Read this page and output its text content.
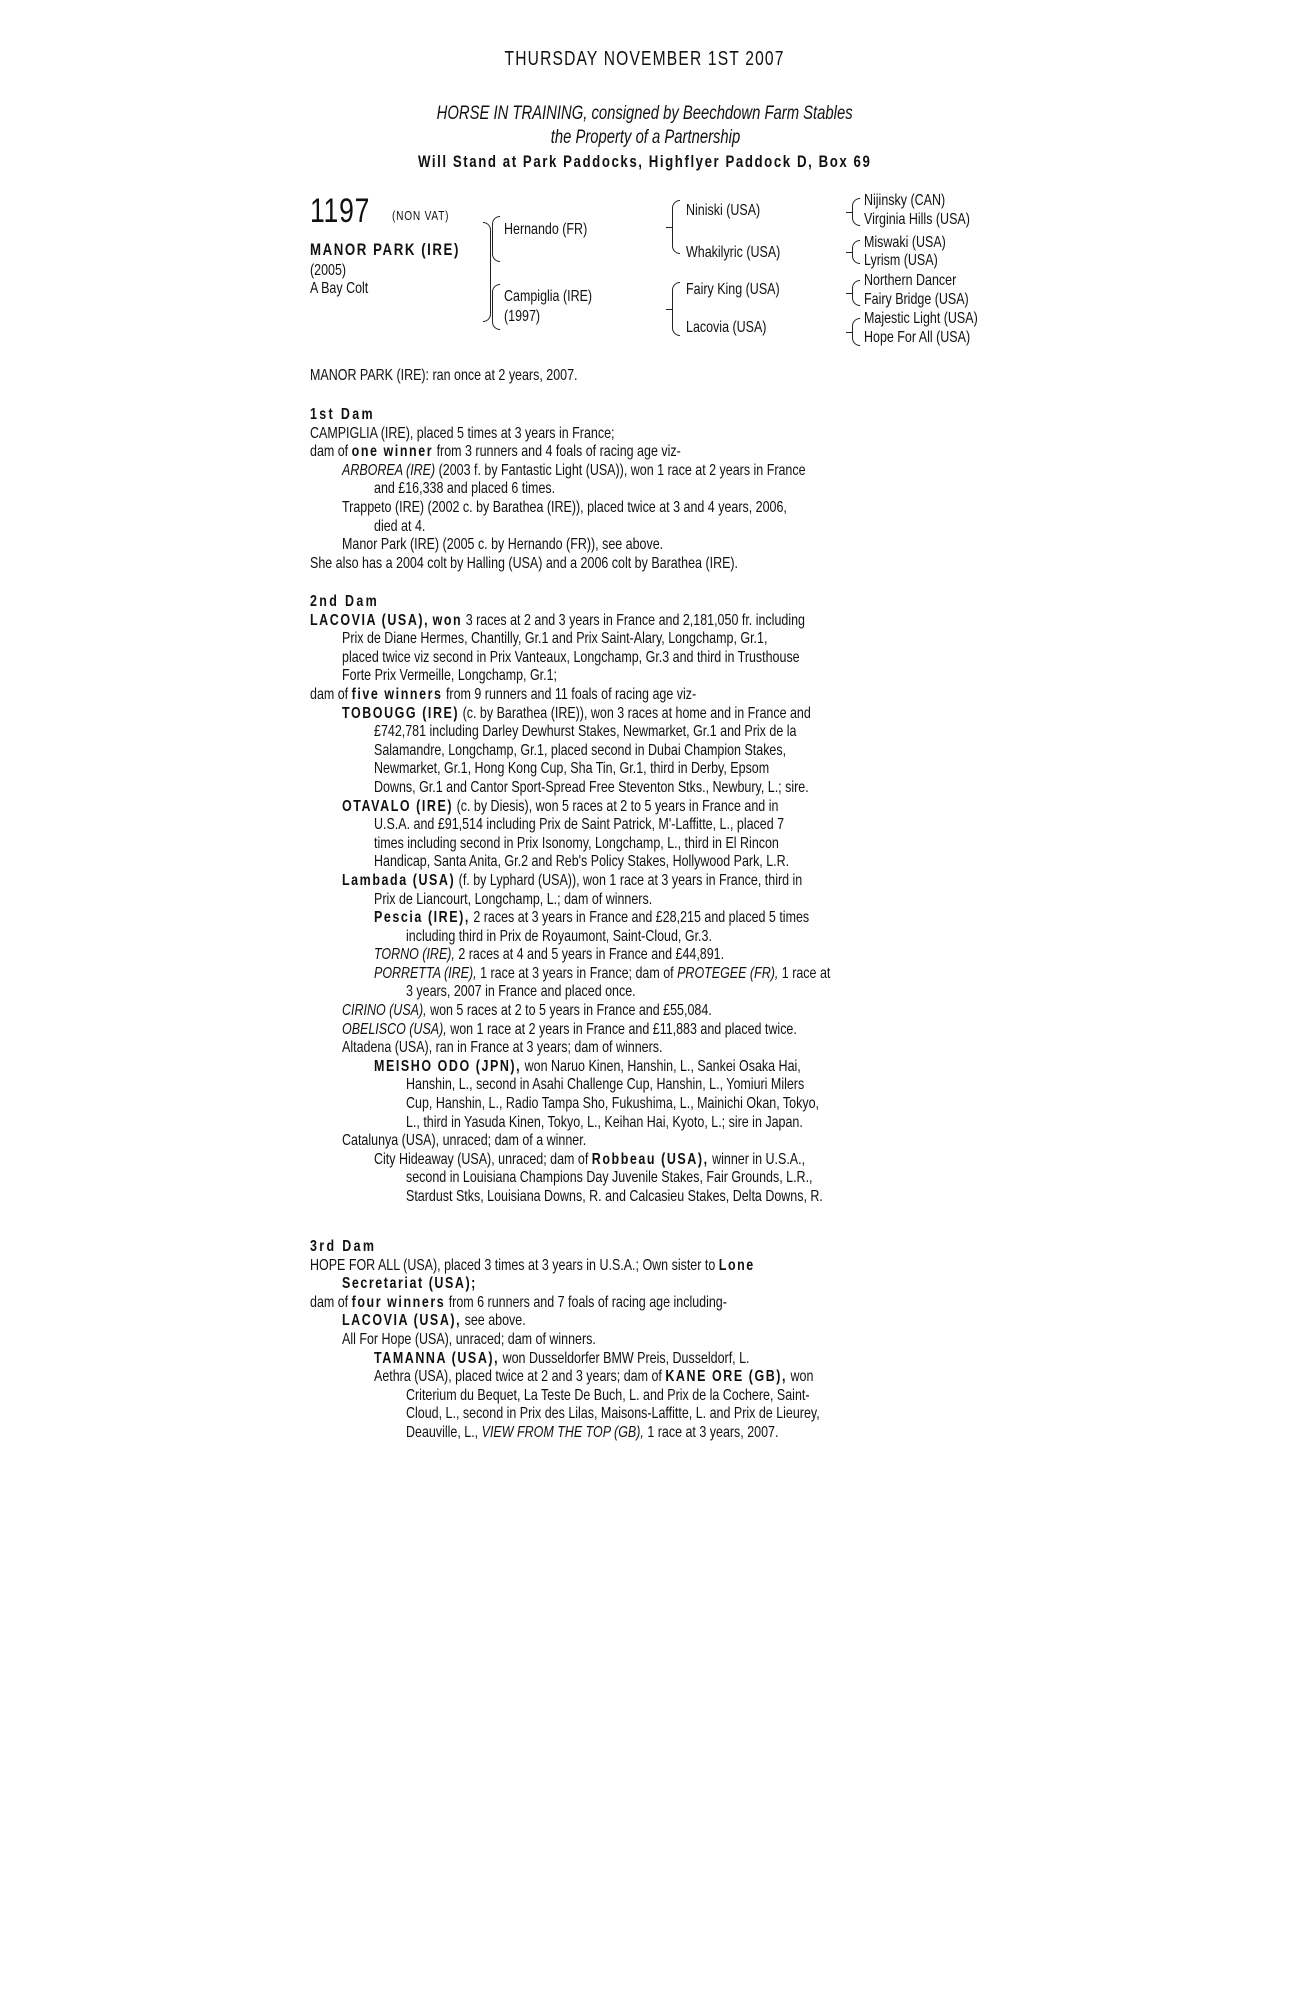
THURSDAY NOVEMBER 1ST 2007
HORSE IN TRAINING, consigned by Beechdown Farm Stables
the Property of a Partnership
Will Stand at Park Paddocks, Highflyer Paddock D, Box 69
1197 (NON VAT)
MANOR PARK (IRE)
(2005)
A Bay Colt
Hernando (FR)
Campiglia (IRE)
(1997)
Niniski (USA)
Whakilyric (USA)
Fairy King (USA)
Lacovia (USA)
Nijinsky (CAN)
Virginia Hills (USA)
Miswaki (USA)
Lyrism (USA)
Northern Dancer
Fairy Bridge (USA)
Majestic Light (USA)
Hope For All (USA)

MANOR PARK (IRE): ran once at 2 years, 2007.

1st Dam

CAMPIGLIA (IRE), placed 5 times at 3 years in France;

dam of one winner from 3 runners and 4 foals of racing age viz-

ARBOREA (IRE) (2003 f. by Fantastic Light (USA)), won 1 race at 2 years in France

and £16,338 and placed 6 times.

Trappeto (IRE) (2002 c. by Barathea (IRE)), placed twice at 3 and 4 years, 2006,

died at 4.

Manor Park (IRE) (2005 c. by Hernando (FR)), see above.

She also has a 2004 colt by Halling (USA) and a 2006 colt by Barathea (IRE).

2nd Dam

LACOVIA (USA), won 3 races at 2 and 3 years in France and 2,181,050 fr. including

Prix de Diane Hermes, Chantilly, Gr.1 and Prix Saint-Alary, Longchamp, Gr.1,

placed twice viz second in Prix Vanteaux, Longchamp, Gr.3 and third in Trusthouse

Forte Prix Vermeille, Longchamp, Gr.1;

dam of five winners from 9 runners and 11 foals of racing age viz-

TOBOUGG (IRE) (c. by Barathea (IRE)), won 3 races at home and in France and

£742,781 including Darley Dewhurst Stakes, Newmarket, Gr.1 and Prix de la

Salamandre, Longchamp, Gr.1, placed second in Dubai Champion Stakes,

Newmarket, Gr.1, Hong Kong Cup, Sha Tin, Gr.1, third in Derby, Epsom

Downs, Gr.1 and Cantor Sport-Spread Free Steventon Stks., Newbury, L.; sire.

OTAVALO (IRE) (c. by Diesis), won 5 races at 2 to 5 years in France and in

U.S.A. and £91,514 including Prix de Saint Patrick, M'-Laffitte, L., placed 7

times including second in Prix Isonomy, Longchamp, L., third in El Rincon

Handicap, Santa Anita, Gr.2 and Reb's Policy Stakes, Hollywood Park, L.R.

Lambada (USA) (f. by Lyphard (USA)), won 1 race at 3 years in France, third in

Prix de Liancourt, Longchamp, L.; dam of winners.

Pescia (IRE), 2 races at 3 years in France and £28,215 and placed 5 times

including third in Prix de Royaumont, Saint-Cloud, Gr.3.

TORNO (IRE), 2 races at 4 and 5 years in France and £44,891.

PORRETTA (IRE), 1 race at 3 years in France; dam of PROTEGEE (FR), 1 race at

3 years, 2007 in France and placed once.

CIRINO (USA), won 5 races at 2 to 5 years in France and £55,084.

OBELISCO (USA), won 1 race at 2 years in France and £11,883 and placed twice.

Altadena (USA), ran in France at 3 years; dam of winners.

MEISHO ODO (JPN), won Naruo Kinen, Hanshin, L., Sankei Osaka Hai,

Hanshin, L., second in Asahi Challenge Cup, Hanshin, L., Yomiuri Milers

Cup, Hanshin, L., Radio Tampa Sho, Fukushima, L., Mainichi Okan, Tokyo,

L., third in Yasuda Kinen, Tokyo, L., Keihan Hai, Kyoto, L.; sire in Japan.

Catalunya (USA), unraced; dam of a winner.

City Hideaway (USA), unraced; dam of Robbeau (USA), winner in U.S.A.,

second in Louisiana Champions Day Juvenile Stakes, Fair Grounds, L.R.,

Stardust Stks, Louisiana Downs, R. and Calcasieu Stakes, Delta Downs, R.

3rd Dam

HOPE FOR ALL (USA), placed 3 times at 3 years in U.S.A.; Own sister to Lone

Secretariat (USA);

dam of four winners from 6 runners and 7 foals of racing age including-

LACOVIA (USA), see above.

All For Hope (USA), unraced; dam of winners.

TAMANNA (USA), won Dusseldorfer BMW Preis, Dusseldorf, L.

Aethra (USA), placed twice at 2 and 3 years; dam of KANE ORE (GB), won

Criterium du Bequet, La Teste De Buch, L. and Prix de la Cochere, Saint-

Cloud, L., second in Prix des Lilas, Maisons-Laffitte, L. and Prix de Lieurey,

Deauville, L., VIEW FROM THE TOP (GB), 1 race at 3 years, 2007.
